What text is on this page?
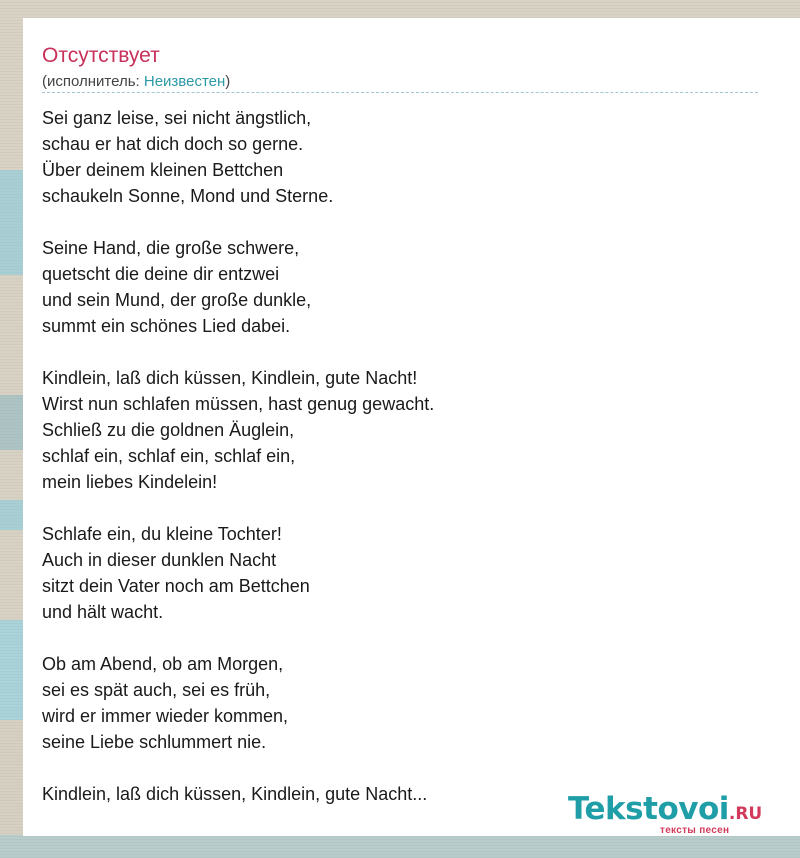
Отсутствует
(исполнитель: Неизвестен)
Sei ganz leise, sei nicht ängstlich,
schau er hat dich doch so gerne.
Über deinem kleinen Bettchen
schaukeln Sonne, Mond und Sterne.
Seine Hand, die große schwere,
quetscht die deine dir entzwei
und sein Mund, der große dunkle,
summt ein schönes Lied dabei.
Kindlein, laß dich küssen, Kindlein, gute Nacht!
Wirst nun schlafen müssen, hast genug gewacht.
Schließ zu die goldnen Äuglein,
schlaf ein, schlaf ein, schlaf ein,
mein liebes Kindelein!
Schlafe ein, du kleine Tochter!
Auch in dieser dunklen Nacht
sitzt dein Vater noch am Bettchen
und hält wacht.
Ob am Abend, ob am Morgen,
sei es spät auch, sei es früh,
wird er immer wieder kommen,
seine Liebe schlummert nie.
Kindlein, laß dich küssen, Kindlein, gute Nacht...	Tekstovoi.RU
тексты песен
